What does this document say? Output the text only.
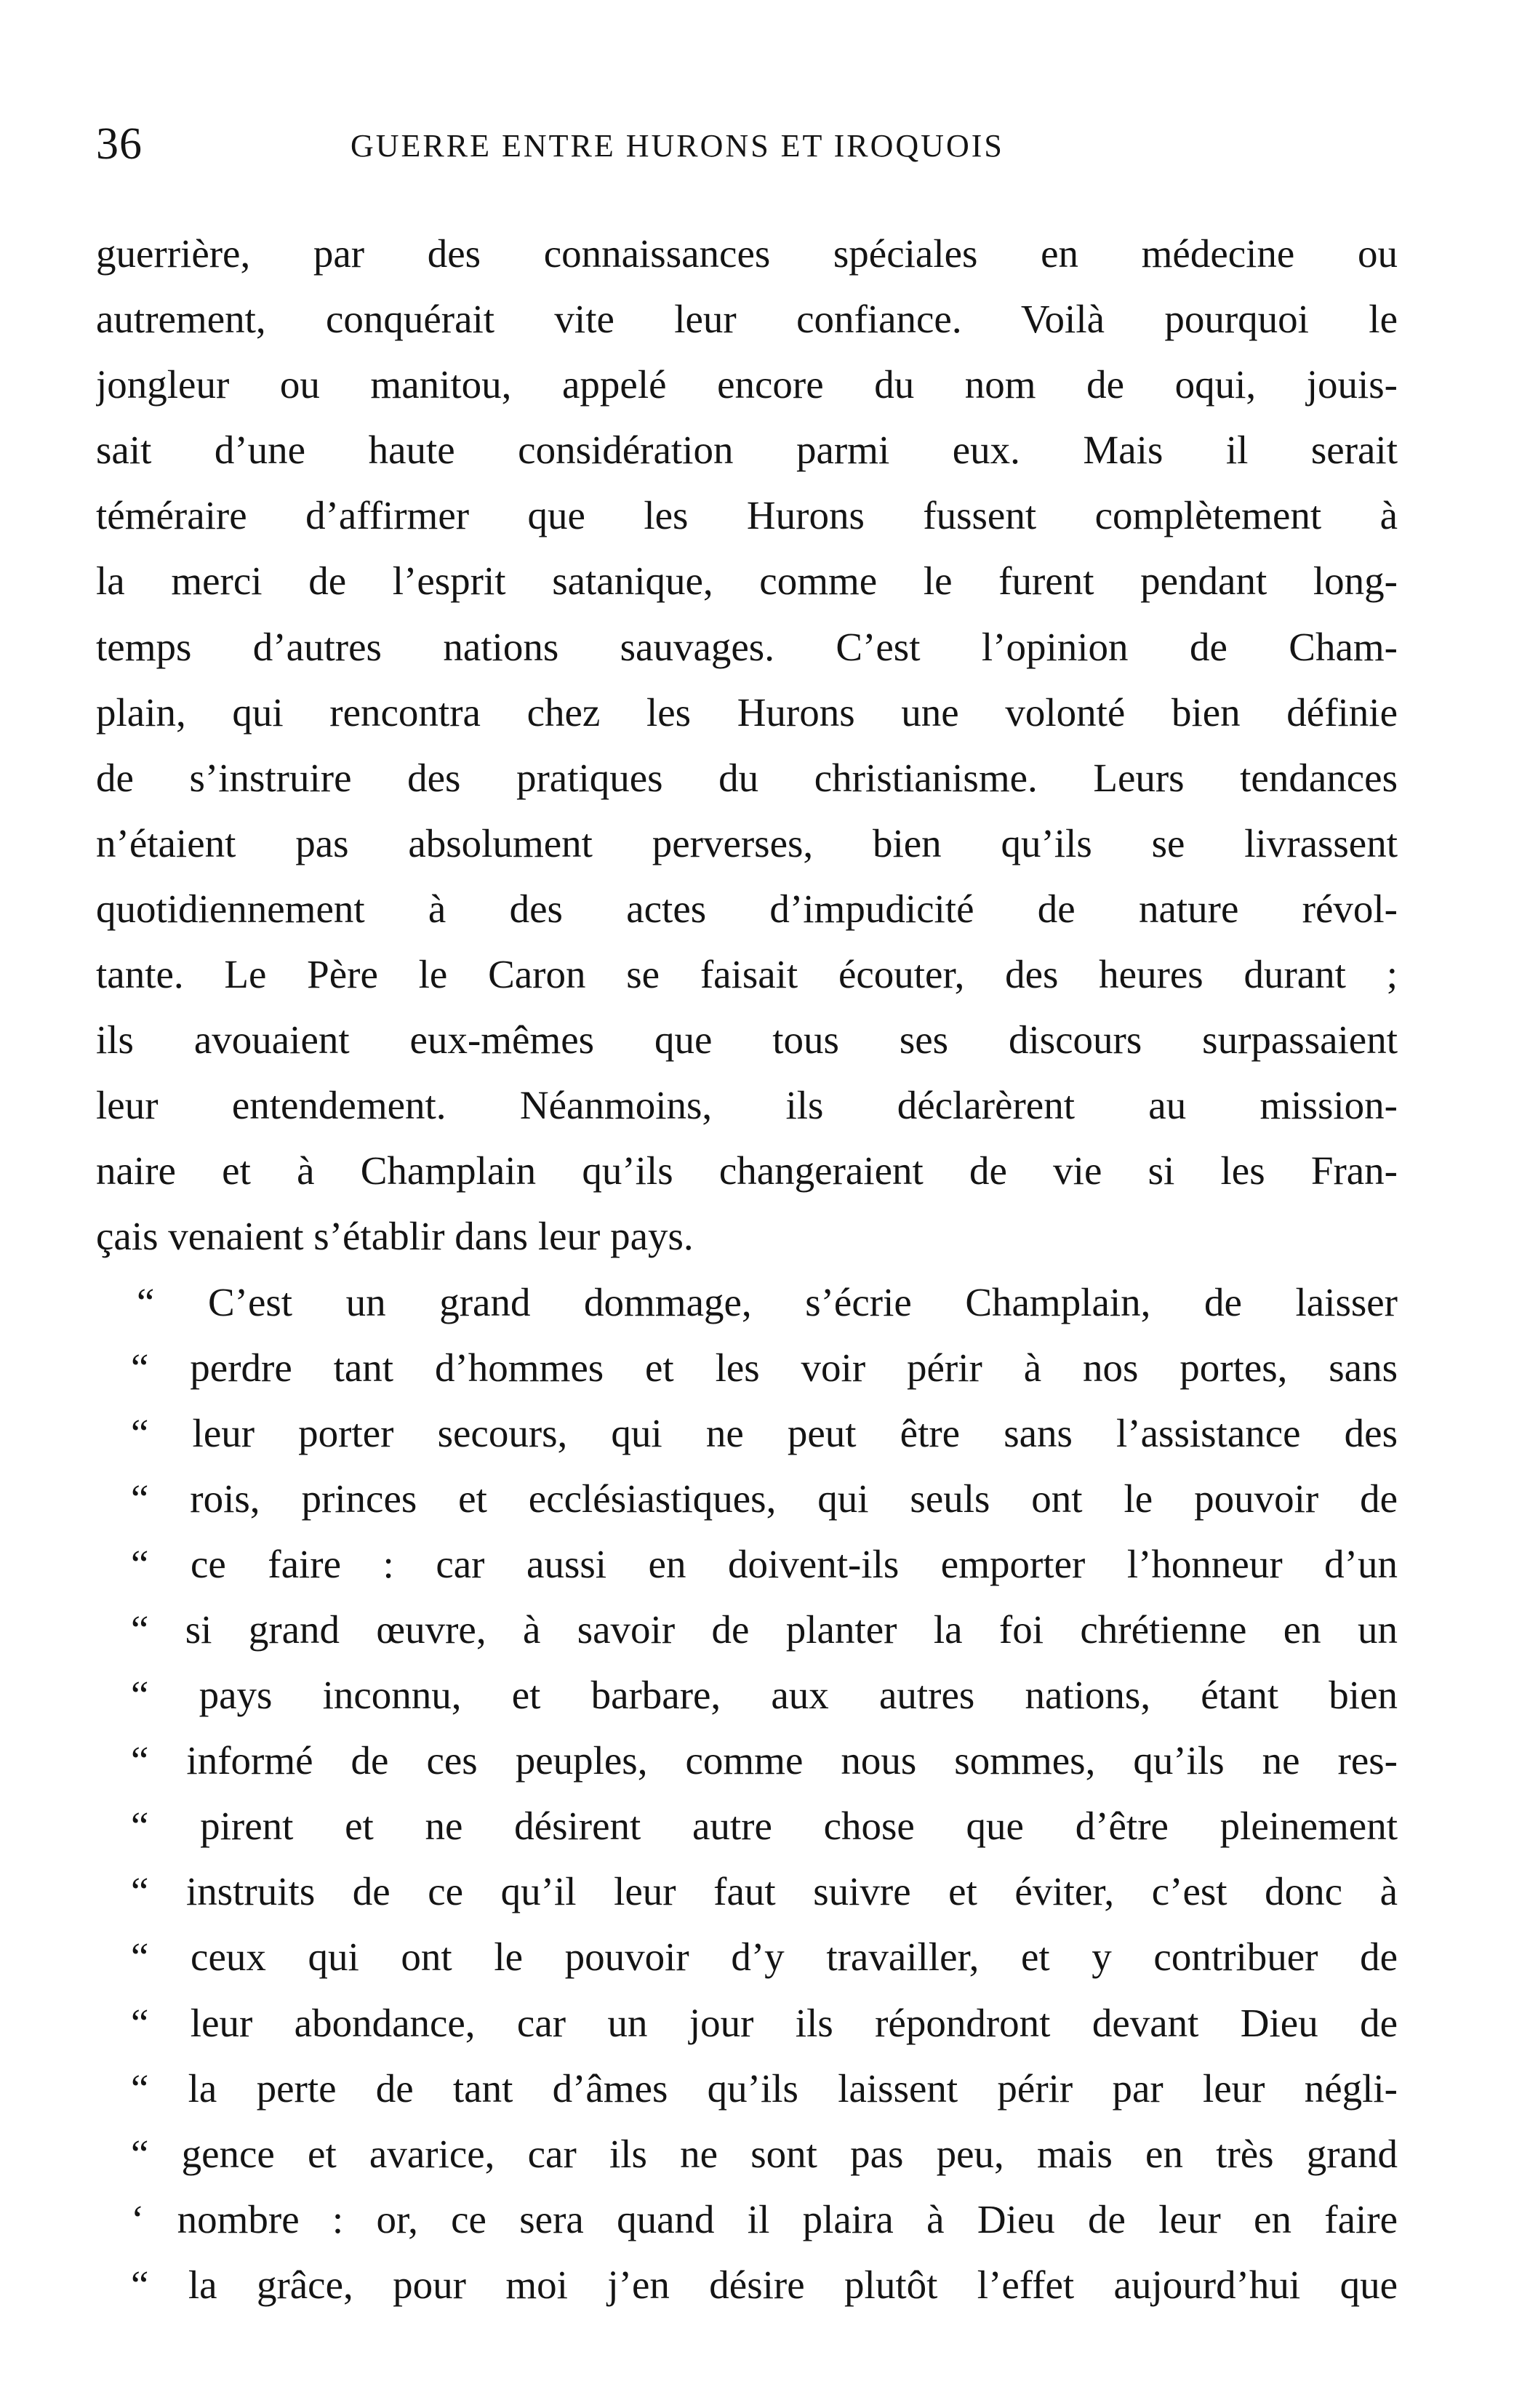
36	GUERRE ENTRE HURONS ET IROQUOIS
guerrière, par des connaissances spéciales en médecine ou
autrement, conquérait vite leur confiance. Voilà pourquoi le
jongleur ou manitou, appelé encore du nom de oqui, jouis-
sait d’une haute considération parmi eux. Mais il serait
téméraire d’affirmer que les Hurons fussent complètement à
la merci de l’esprit satanique, comme le furent pendant long-
temps d’autres nations sauvages. C’est l’opinion de Cham-
plain, qui rencontra chez les Hurons une volonté bien définie
de s’instruire des pratiques du christianisme. Leurs tendances
n’étaient pas absolument perverses, bien qu’ils se livrassent
quotidiennement à des actes d’impudicité de nature révol-
tante. Le Père le Caron se faisait écouter, des heures durant ;
ils avouaient eux-mêmes que tous ses discours surpassaient
leur entendement. Néanmoins, ils déclarèrent au mission-
naire et à Champlain qu’ils changeraient de vie si les Fran-
çais venaient s’établir dans leur pays.
“ C’est un grand dommage, s’écrie Champlain, de laisser
“ perdre tant d’hommes et les voir périr à nos portes, sans
“ leur porter secours, qui ne peut être sans l’assistance des
“ rois, princes et ecclésiastiques, qui seuls ont le pouvoir de
“ ce faire : car aussi en doivent-ils emporter l’honneur d’un
“ si grand œuvre, à savoir de planter la foi chrétienne en un
“ pays inconnu, et barbare, aux autres nations, étant bien
“ informé de ces peuples, comme nous sommes, qu’ils ne res-
“ pirent et ne désirent autre chose que d’être pleinement
“ instruits de ce qu’il leur faut suivre et éviter, c’est donc à
“ ceux qui ont le pouvoir d’y travailler, et y contribuer de
“ leur abondance, car un jour ils répondront devant Dieu de
“ la perte de tant d’âmes qu’ils laissent périr par leur négli-
“ gence et avarice, car ils ne sont pas peu, mais en très grand
‘ nombre : or, ce sera quand il plaira à Dieu de leur en faire
“ la grâce, pour moi j’en désire plutôt l’effet aujourd’hui que
